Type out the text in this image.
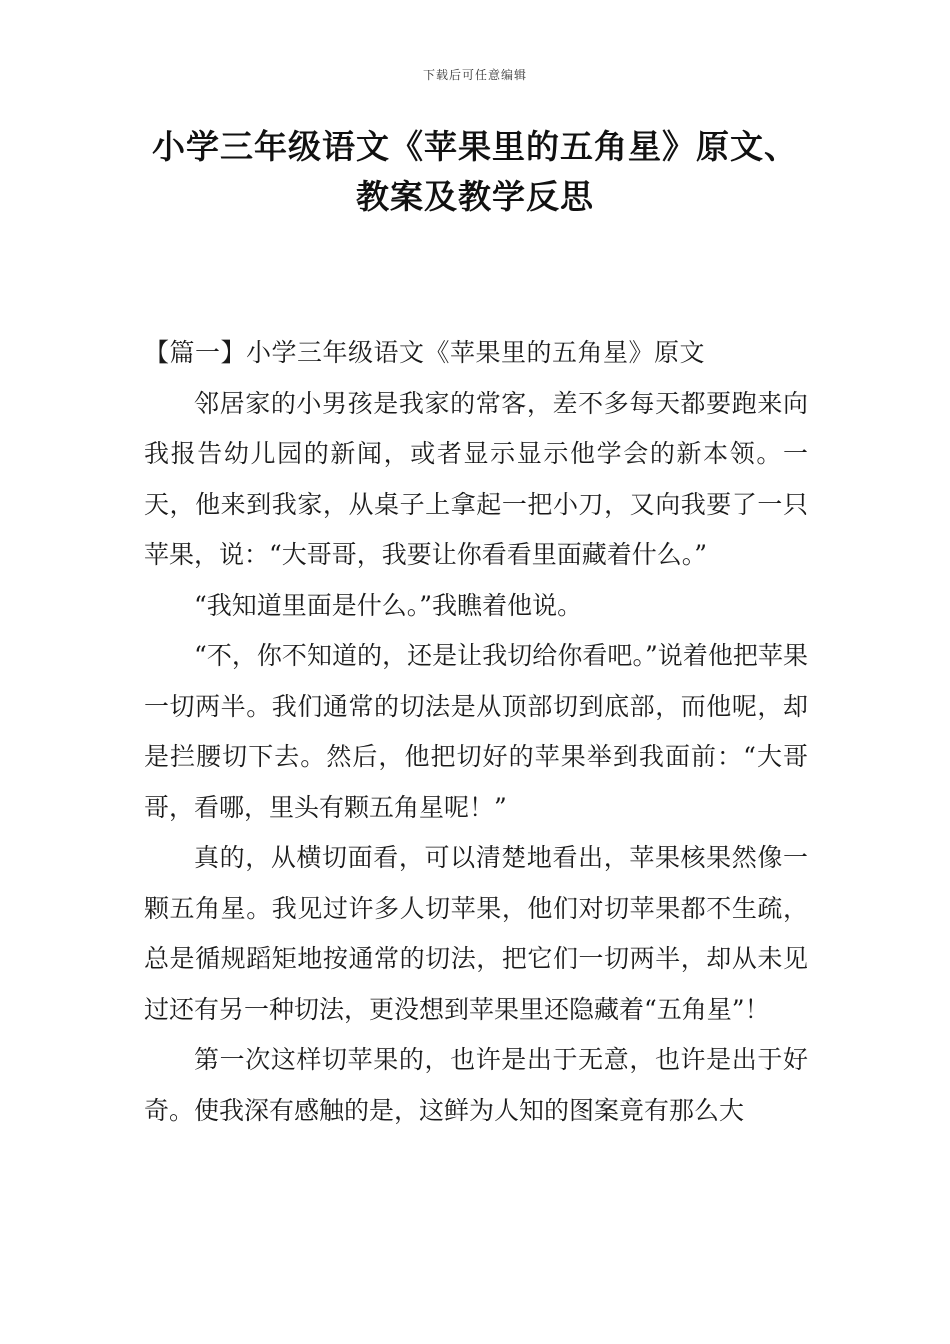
下载后可任意编辑
小学三年级语文《苹果里的五角星》原文、
教案及教学反思

【篇一】小学三年级语文《苹果里的五角星》原文

邻居家的小男孩是我家的常客，差不多每天都要跑来向我报告幼儿园的新闻，或者显示显示他学会的新本领。一天，他来到我家，从桌子上拿起一把小刀，又向我要了一只苹果，说：“大哥哥，我要让你看看里面藏着什么。”

“我知道里面是什么。”我瞧着他说。

“不，你不知道的，还是让我切给你看吧。”说着他把苹果一切两半。我们通常的切法是从顶部切到底部，而他呢，却是拦腰切下去。然后，他把切好的苹果举到我面前：“大哥哥，看哪，里头有颗五角星呢！”

真的，从横切面看，可以清楚地看出，苹果核果然像一颗五角星。我见过许多人切苹果，他们对切苹果都不生疏，总是循规蹈矩地按通常的切法，把它们一切两半，却从未见过还有另一种切法，更没想到苹果里还隐藏着“五角星”！

第一次这样切苹果的，也许是出于无意，也许是出于好奇。使我深有感触的是，这鲜为人知的图案竟有那么大
